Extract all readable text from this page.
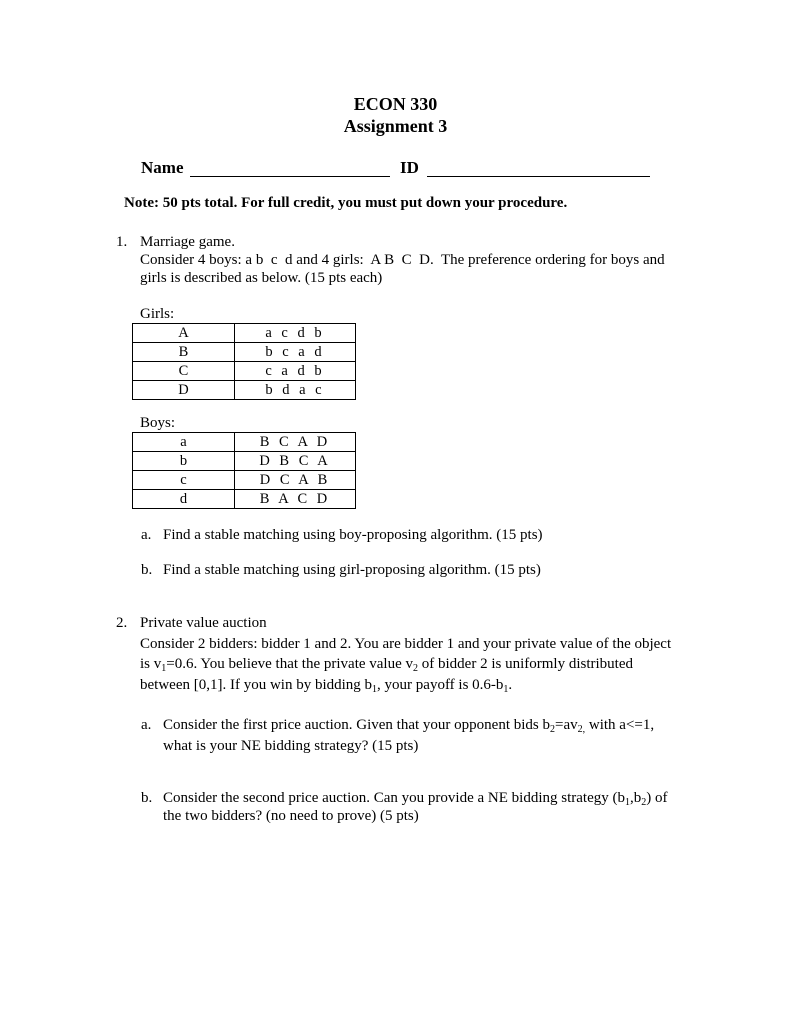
ECON 330
Assignment 3
Name	ID
Note: 50 pts total. For full credit, you must put down your procedure.
1. Marriage game.
Consider 4 boys: a b  c  d and 4 girls:  A B  C  D.  The preference ordering for boys and
girls is described as below. (15 pts each)
Girls:
A	a c d b
B	b c a d
C	c a d b
D	b d a c
Boys:
a	B C A D
b	D B C A
c	D C A B
d	B A C D
a. Find a stable matching using boy-proposing algorithm. (15 pts)
b. Find a stable matching using girl-proposing algorithm. (15 pts)
2. Private value auction
Consider 2 bidders: bidder 1 and 2. You are bidder 1 and your private value of the object
is $v_1=0.6$. You believe that the private value $v_2$ of bidder 2 is uniformly distributed
between [0,1]. If you win by bidding $b_1$, your payoff is $0.6-b_1$.
a. Consider the first price auction. Given that your opponent bids $b_2=av_{2,}$ with a<=1,
what is your NE bidding strategy? (15 pts)
b. Consider the second price auction. Can you provide a NE bidding strategy $(b_1,b_2)$ of
the two bidders? (no need to prove) (5 pts)
